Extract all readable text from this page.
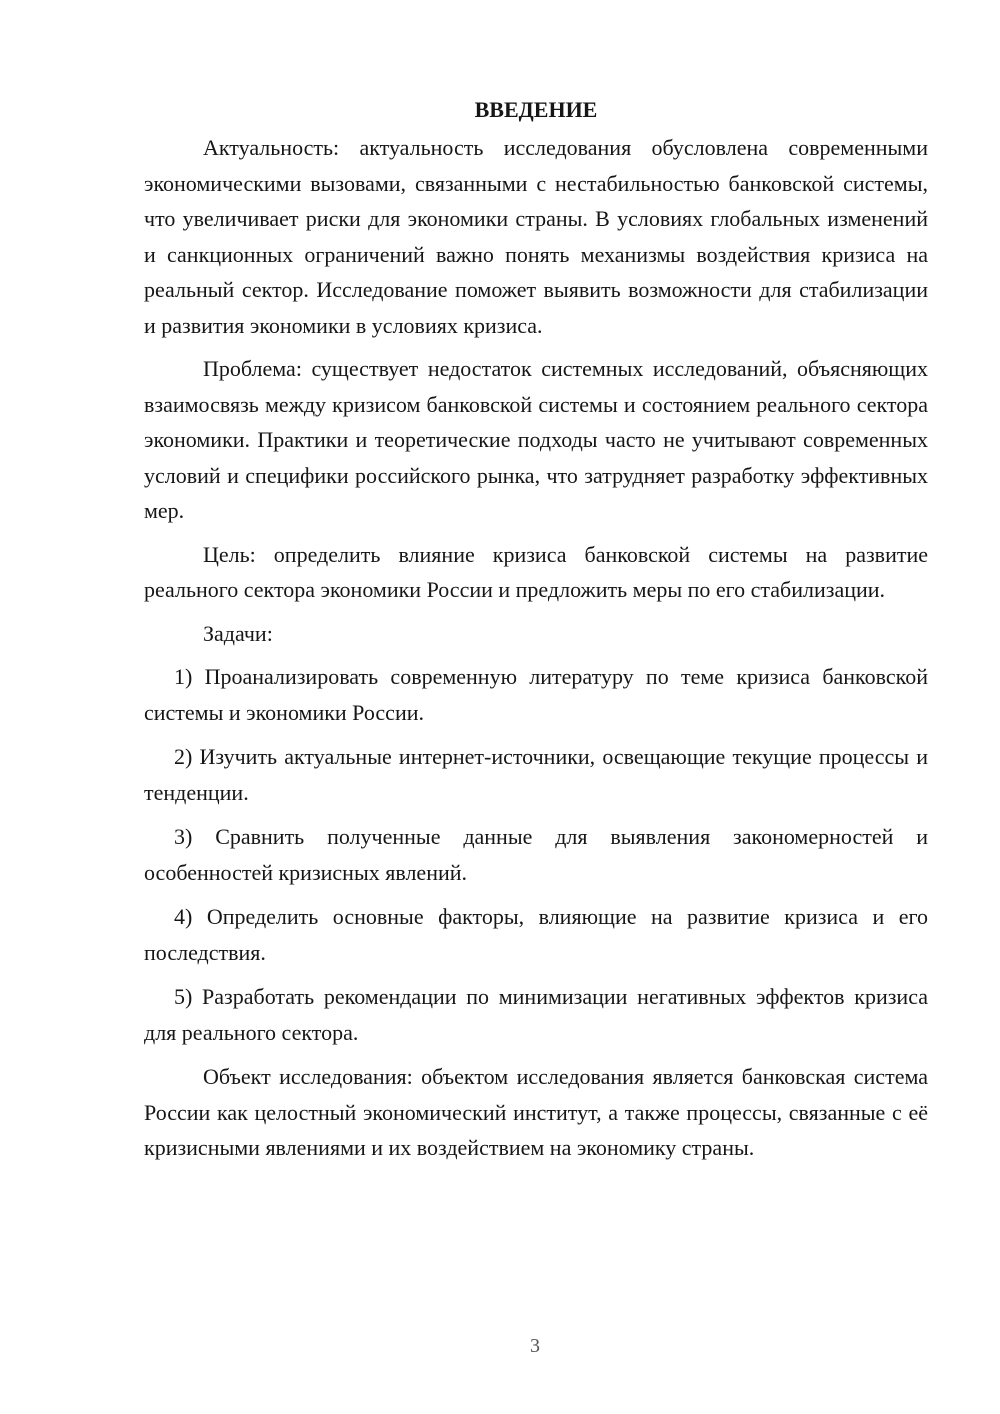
ВВЕДЕНИЕ

Актуальность: актуальность исследования обусловлена современными экономическими вызовами, связанными с нестабильностью банковской системы, что увеличивает риски для экономики страны. В условиях глобальных изменений и санкционных ограничений важно понять механизмы воздействия кризиса на реальный сектор. Исследование поможет выявить возможности для стабилизации и развития экономики в условиях кризиса.

Проблема: существует недостаток системных исследований, объясняющих взаимосвязь между кризисом банковской системы и состоянием реального сектора экономики. Практики и теоретические подходы часто не учитывают современных условий и специфики российского рынка, что затрудняет разработку эффективных мер.

Цель: определить влияние кризиса банковской системы на развитие реального сектора экономики России и предложить меры по его стабилизации.

Задачи:

1) Проанализировать современную литературу по теме кризиса банковской системы и экономики России.

2) Изучить актуальные интернет-источники, освещающие текущие процессы и тенденции.

3) Сравнить полученные данные для выявления закономерностей и особенностей кризисных явлений.

4) Определить основные факторы, влияющие на развитие кризиса и его последствия.

5) Разработать рекомендации по минимизации негативных эффектов кризиса для реального сектора.

Объект исследования: объектом исследования является банковская система России как целостный экономический институт, а также процессы, связанные с её кризисными явлениями и их воздействием на экономику страны.

3
